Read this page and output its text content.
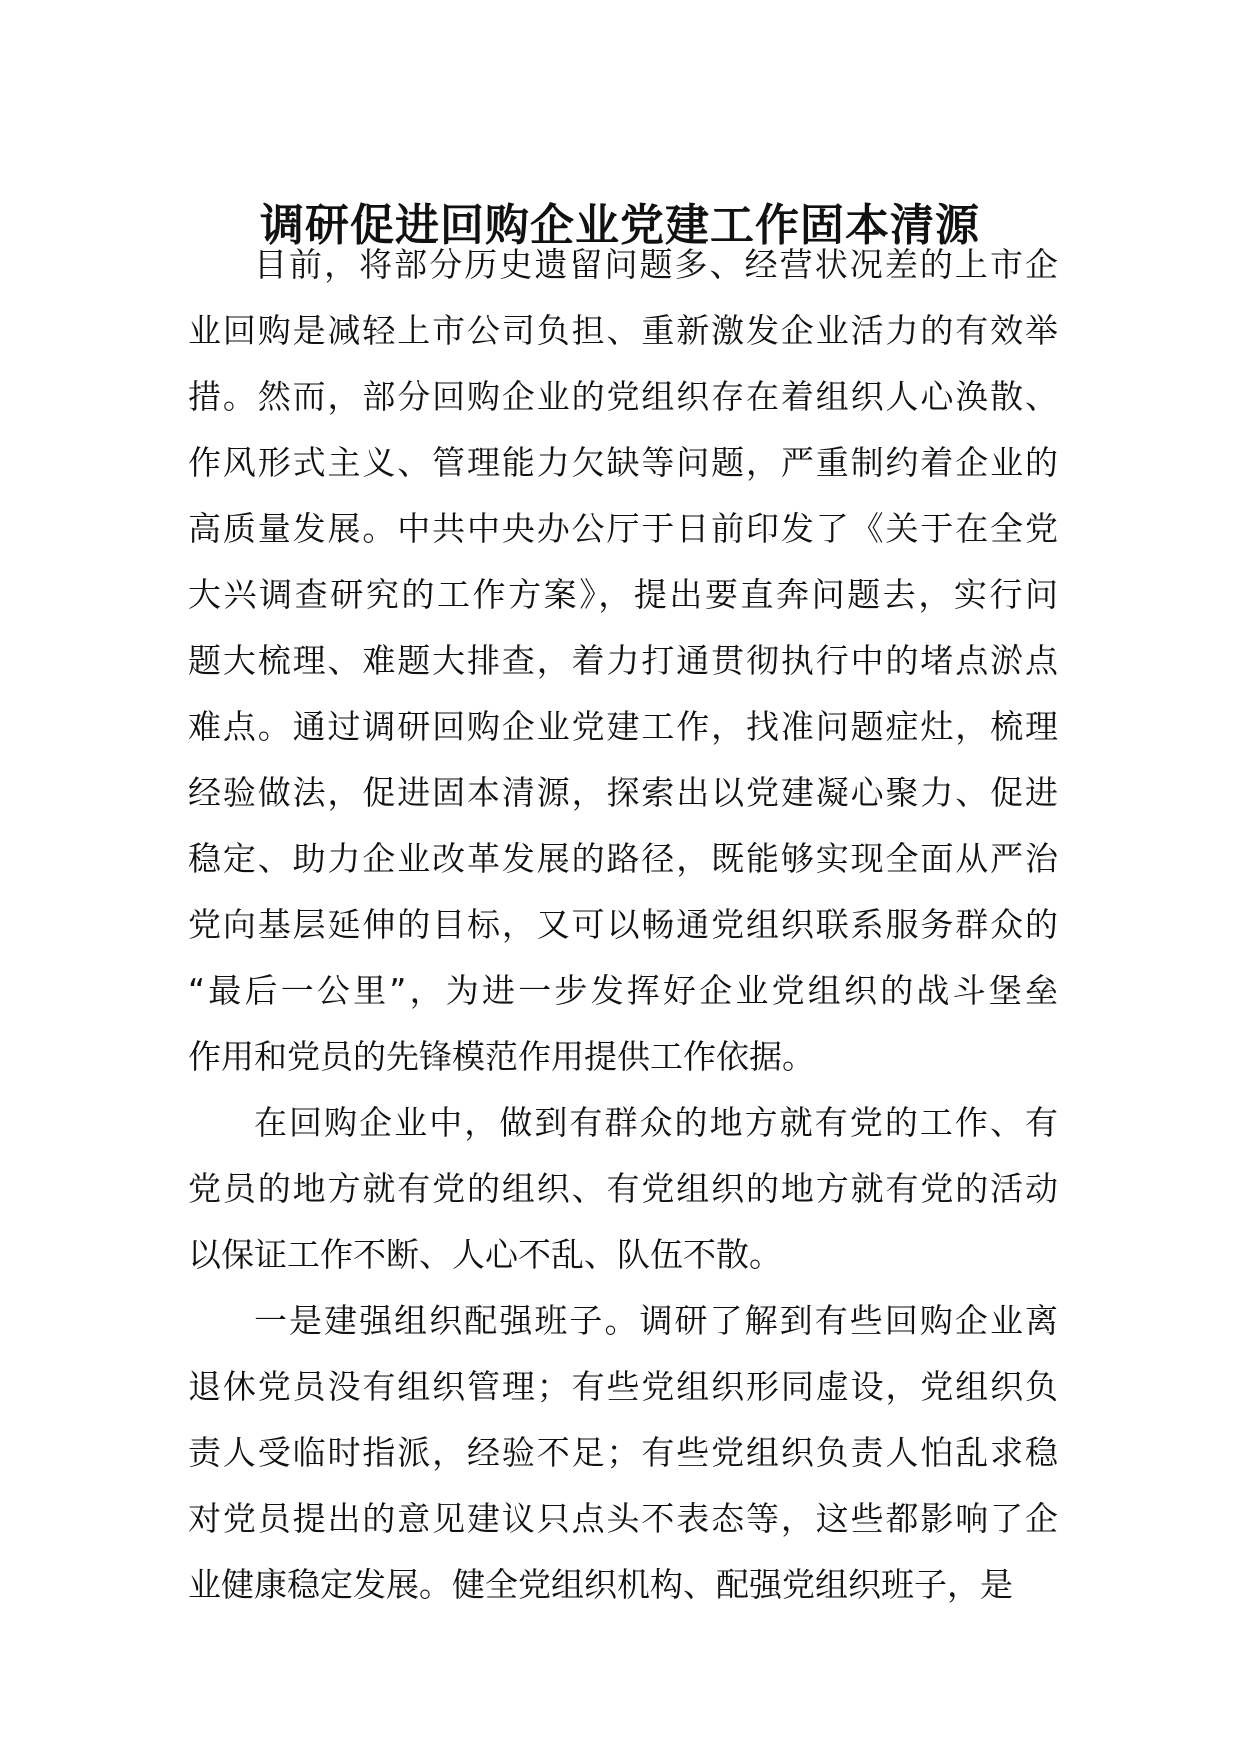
调研促进回购企业党建工作固本清源
目前，将部分历史遗留问题多、经营状况差的上市企
业回购是减轻上市公司负担、重新激发企业活力的有效举
措。然而，部分回购企业的党组织存在着组织人心涣散、
作风形式主义、管理能力欠缺等问题，严重制约着企业的
高质量发展。中共中央办公厅于日前印发了《关于在全党
大兴调查研究的工作方案》，提出要直奔问题去，实行问
题大梳理、难题大排查，着力打通贯彻执行中的堵点淤点
难点。通过调研回购企业党建工作，找准问题症灶，梳理
经验做法，促进固本清源，探索出以党建凝心聚力、促进
稳定、助力企业改革发展的路径，既能够实现全面从严治
党向基层延伸的目标，又可以畅通党组织联系服务群众的
“最后一公里”，为进一步发挥好企业党组织的战斗堡垒
作用和党员的先锋模范作用提供工作依据。
在回购企业中，做到有群众的地方就有党的工作、有
党员的地方就有党的组织、有党组织的地方就有党的活动
以保证工作不断、人心不乱、队伍不散。
一是建强组织配强班子。调研了解到有些回购企业离
退休党员没有组织管理；有些党组织形同虚设，党组织负
责人受临时指派，经验不足；有些党组织负责人怕乱求稳
对党员提出的意见建议只点头不表态等，这些都影响了企
业健康稳定发展。健全党组织机构、配强党组织班子，是
